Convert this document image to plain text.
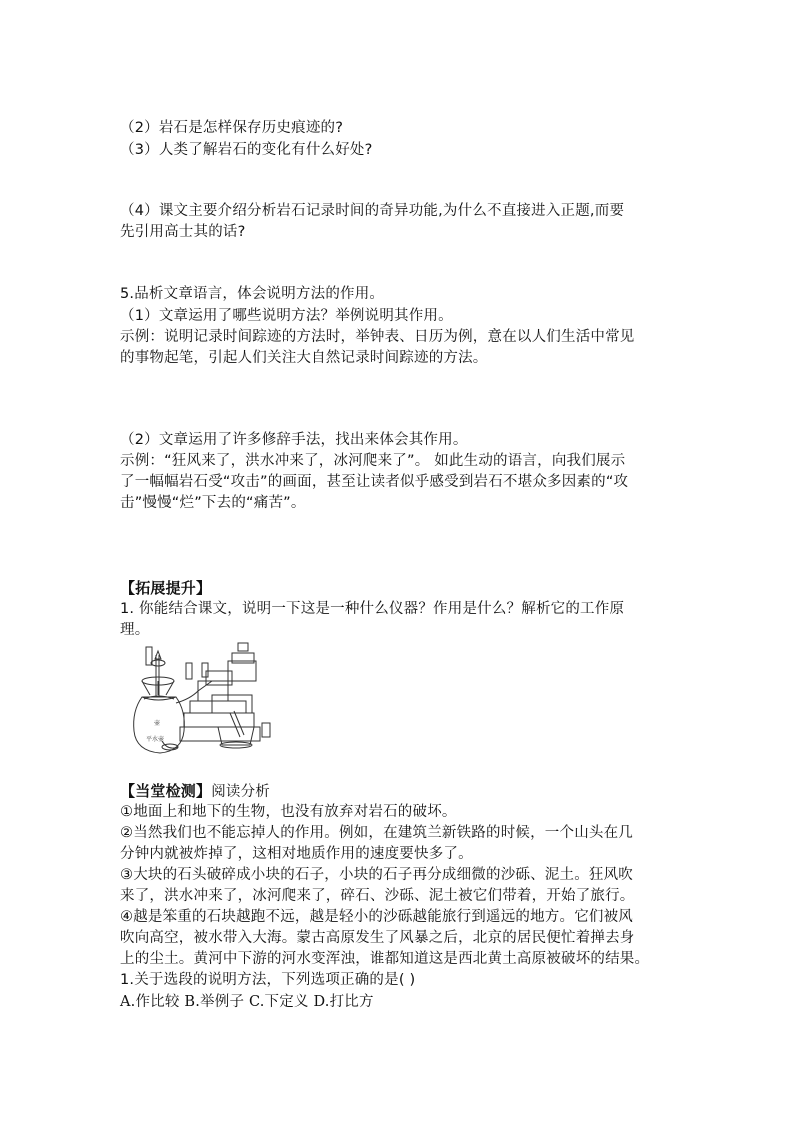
（2）岩石是怎样保存历史痕迹的?
（3）人类了解岩石的变化有什么好处?
（4）课文主要介绍分析岩石记录时间的奇异功能,为什么不直接进入正题,而要
先引用高士其的话?
5.品析文章语言，体会说明方法的作用。
（1）文章运用了哪些说明方法？举例说明其作用。
示例：说明记录时间踪迹的方法时，举钟表、日历为例，意在以人们生活中常见
的事物起笔，引起人们关注大自然记录时间踪迹的方法。
（2）文章运用了许多修辞手法，找出来体会其作用。
示例：“狂风来了，洪水冲来了，冰河爬来了”。 如此生动的语言，向我们展示
了一幅幅岩石受“攻击”的画面，甚至让读者似乎感受到岩石不堪众多因素的“攻
击”慢慢“烂”下去的“痛苦”。
【拓展提升】
1. 你能结合课文，说明一下这是一种什么仪器？作用是什么？解析它的工作原
理。
壶
平水壶
【当堂检测】阅读分析
①地面上和地下的生物，也没有放弃对岩石的破坏。
②当然我们也不能忘掉人的作用。例如，在建筑兰新铁路的时候，一个山头在几
分钟内就被炸掉了，这相对地质作用的速度要快多了。
③大块的石头破碎成小块的石子，小块的石子再分成细微的沙砾、泥土。狂风吹
来了，洪水冲来了，冰河爬来了，碎石、沙砾、泥土被它们带着，开始了旅行。
④越是笨重的石块越跑不远，越是轻小的沙砾越能旅行到遥远的地方。它们被风
吹向高空，被水带入大海。蒙古高原发生了风暴之后，北京的居民便忙着掸去身
上的尘土。黄河中下游的河水变浑浊，谁都知道这是西北黄土高原被破坏的结果。
1.关于选段的说明方法，下列选项正确的是( )
A.作比较 B.举例子 C.下定义 D.打比方
